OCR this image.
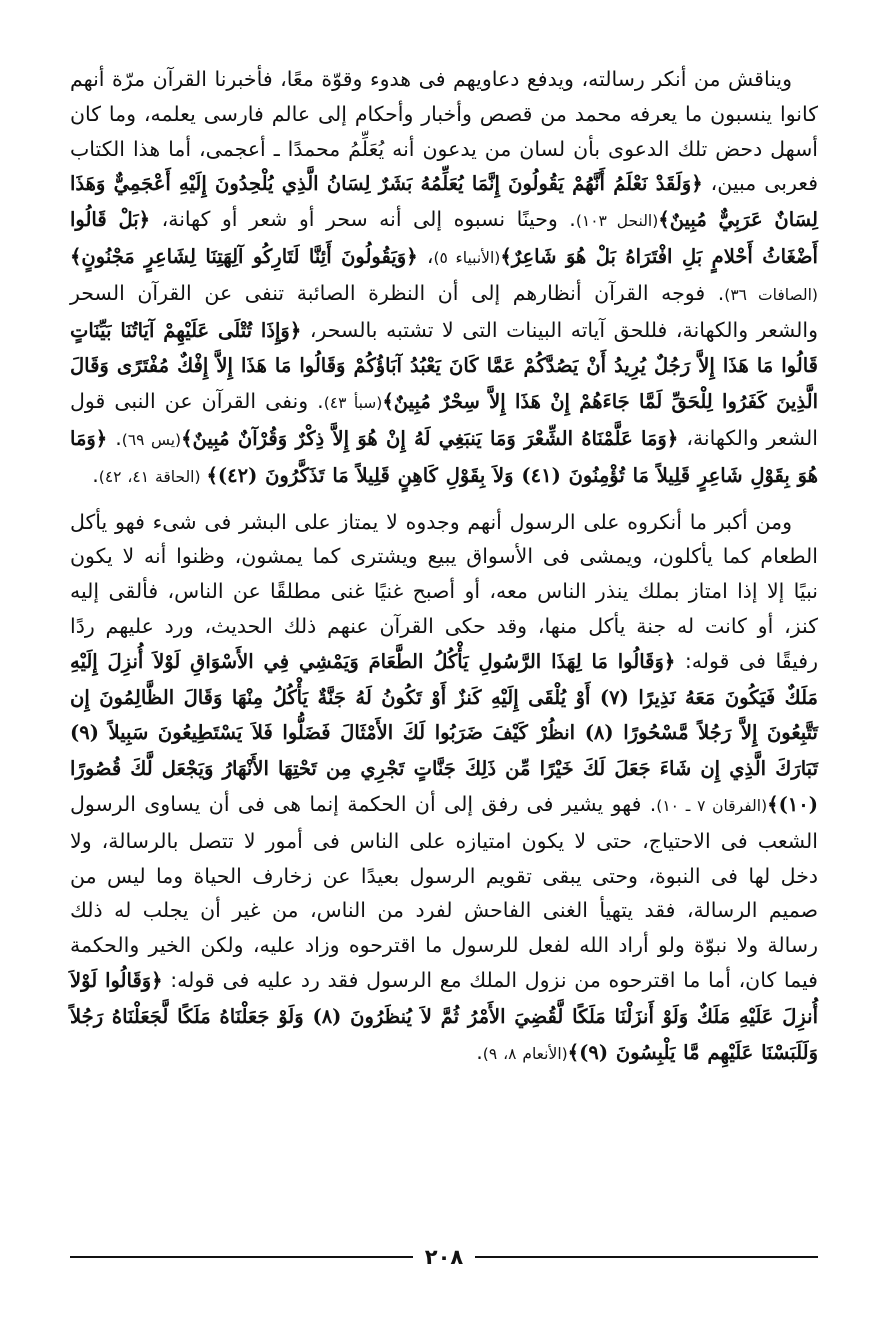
ويناقش من أنكر رسالته، ويدفع دعاويهم فى هدوء وقوّة معًا، فأخبرنا القرآن مرّة أنهم كانوا ينسبون ما يعرفه محمد من قصص وأخبار وأحكام إلى عالم فارسى يعلمه، وما كان أسهل دحض تلك الدعوى بأن لسان من يدعون أنه يُعَلِّمُ محمدًا ـ أعجمى، أما هذا الكتاب فعربى مبين، ﴿وَلَقَدْ نَعْلَمُ أَنَّهُمْ يَقُولُونَ إِنَّمَا يُعَلِّمُهُ بَشَرٌ لِسَانُ الَّذِي يُلْحِدُونَ إِلَيْهِ أَعْجَمِيٌّ وَهَذَا لِسَانٌ عَرَبِيٌّ مُبِينٌ﴾(النحل ١٠٣). وحينًا نسبوه إلى أنه سحر أو شعر أو كهانة، ﴿بَلْ قَالُوا أَضْغَاثُ أَحْلامٍ بَلِ افْتَرَاهُ بَلْ هُوَ شَاعِرٌ﴾(الأنبياء ٥)، ﴿وَيَقُولُونَ أَئِنَّا لَتَارِكُو آلِهَتِنَا لِشَاعِرٍ مَجْنُونٍ﴾(الصافات ٣٦). فوجه القرآن أنظارهم إلى أن النظرة الصائبة تنفى عن القرآن السحر والشعر والكهانة، فللحق آياته البينات التى لا تشتبه بالسحر، ﴿وَإِذَا تُتْلَى عَلَيْهِمْ آيَاتُنَا بَيِّنَاتٍ قَالُوا مَا هَذَا إِلاَّ رَجُلٌ يُرِيدُ أَنْ يَصُدَّكُمْ عَمَّا كَانَ يَعْبُدُ آبَاؤُكُمْ وَقَالُوا مَا هَذَا إِلاَّ إِفْكٌ مُفْتَرًى وَقَالَ الَّذِينَ كَفَرُوا لِلْحَقِّ لَمَّا جَاءَهُمْ إِنْ هَذَا إِلاَّ سِحْرٌ مُبِينٌ﴾(سبأ ٤٣). ونفى القرآن عن النبى قول الشعر والكهانة، ﴿وَمَا عَلَّمْنَاهُ الشِّعْرَ وَمَا يَنبَغِي لَهُ إِنْ هُوَ إِلاَّ ذِكْرٌ وَقُرْآنٌ مُبِينٌ﴾(يس ٦٩). ﴿وَمَا هُوَ بِقَوْلِ شَاعِرٍ قَلِيلاً مَا تُؤْمِنُونَ (٤١) وَلاَ بِقَوْلِ كَاهِنٍ قَلِيلاً مَا تَذَكَّرُونَ (٤٢)﴾ (الحاقة ٤١، ٤٢).

ومن أكبر ما أنكروه على الرسول أنهم وجدوه لا يمتاز على البشر فى شىء فهو يأكل الطعام كما يأكلون، ويمشى فى الأسواق يبيع ويشترى كما يمشون، وظنوا أنه لا يكون نبيًا إلا إذا امتاز بملك ينذر الناس معه، أو أصبح غنيًا غنى مطلقًا عن الناس، فألقى إليه كنز، أو كانت له جنة يأكل منها، وقد حكى القرآن عنهم ذلك الحديث، ورد عليهم ردًا رفيقًا فى قوله: ﴿وَقَالُوا مَا لِهَذَا الرَّسُولِ يَأْكُلُ الطَّعَامَ وَيَمْشِي فِي الأَسْوَاقِ لَوْلاَ أُنزِلَ إِلَيْهِ مَلَكٌ فَيَكُونَ مَعَهُ نَذِيرًا (٧) أَوْ يُلْقَى إِلَيْهِ كَنزٌ أَوْ تَكُونُ لَهُ جَنَّةٌ يَأْكُلُ مِنْهَا وَقَالَ الظَّالِمُونَ إِن تَتَّبِعُونَ إِلاَّ رَجُلاً مَّسْحُورًا (٨) انظُرْ كَيْفَ ضَرَبُوا لَكَ الأَمْثَالَ فَضَلُّوا فَلاَ يَسْتَطِيعُونَ سَبِيلاً (٩) تَبَارَكَ الَّذِي إِن شَاءَ جَعَلَ لَكَ خَيْرًا مِّن ذَلِكَ جَنَّاتٍ تَجْرِي مِن تَحْتِهَا الأَنْهَارُ وَيَجْعَل لَّكَ قُصُورًا (١٠)﴾(الفرقان ٧ ـ ١٠). فهو يشير فى رفق إلى أن الحكمة إنما هى فى أن يساوى الرسول الشعب فى الاحتياج، حتى لا يكون امتيازه على الناس فى أمور لا تتصل بالرسالة، ولا دخل لها فى النبوة، وحتى يبقى تقويم الرسول بعيدًا عن زخارف الحياة وما ليس من صميم الرسالة، فقد يتهيأ الغنى الفاحش لفرد من الناس، من غير أن يجلب له ذلك رسالة ولا نبوّة ولو أراد الله لفعل للرسول ما اقترحوه وزاد عليه، ولكن الخير والحكمة فيما كان، أما ما اقترحوه من نزول الملك مع الرسول فقد رد عليه فى قوله: ﴿وَقَالُوا لَوْلاَ أُنزِلَ عَلَيْهِ مَلَكٌ وَلَوْ أَنزَلْنَا مَلَكًا لَّقُضِيَ الأَمْرُ ثُمَّ لاَ يُنظَرُونَ (٨) وَلَوْ جَعَلْنَاهُ مَلَكًا لَّجَعَلْنَاهُ رَجُلاً وَلَلَبَسْنَا عَلَيْهِم مَّا يَلْبِسُونَ (٩)﴾(الأنعام ٨، ٩).

٢٠٨
